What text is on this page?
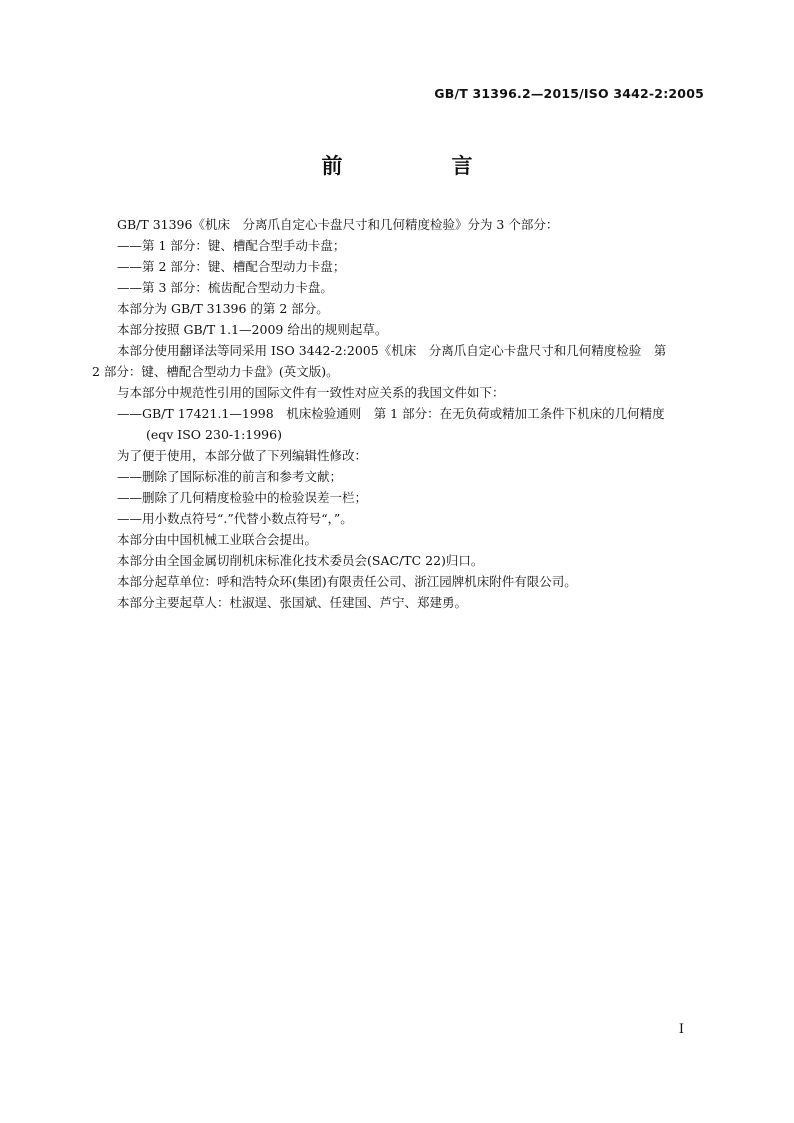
GB/T 31396.2—2015/ISO 3442-2:2005
前　言

GB/T 31396《机床　分离爪自定心卡盘尺寸和几何精度检验》分为 3 个部分：

——第 1 部分：键、槽配合型手动卡盘；

——第 2 部分：键、槽配合型动力卡盘；

——第 3 部分：梳齿配合型动力卡盘。

本部分为 GB/T 31396 的第 2 部分。

本部分按照 GB/T 1.1—2009 给出的规则起草。

本部分使用翻译法等同采用 ISO 3442-2:2005《机床　分离爪自定心卡盘尺寸和几何精度检验　第

2 部分：键、槽配合型动力卡盘》(英文版)。

与本部分中规范性引用的国际文件有一致性对应关系的我国文件如下：

——GB/T 17421.1—1998　机床检验通则　第 1 部分：在无负荷或精加工条件下机床的几何精度

(eqv ISO 230-1:1996)

为了便于使用，本部分做了下列编辑性修改：

——删除了国际标准的前言和参考文献；

——删除了几何精度检验中的检验误差一栏；

——用小数点符号“.”代替小数点符号“，”。

本部分由中国机械工业联合会提出。

本部分由全国金属切削机床标准化技术委员会(SAC/TC 22)归口。

本部分起草单位：呼和浩特众环(集团)有限责任公司、浙江园牌机床附件有限公司。

本部分主要起草人：杜淑逞、张国斌、任建国、芦宁、郑建勇。

I
